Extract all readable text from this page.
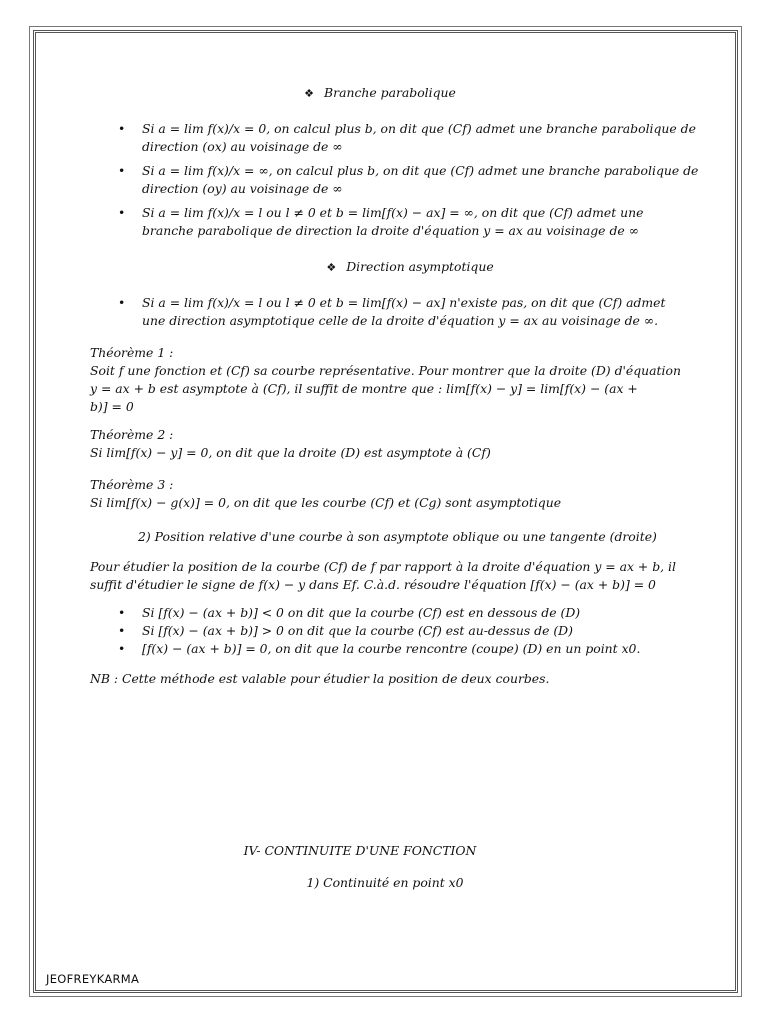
❖ Branche parabolique
• Si a = lim f(x)/x = 0, on calcul plus b, on dit que (Cf) admet une branche parabolique de
direction (ox) au voisinage de ∞
• Si a = lim f(x)/x = ∞, on calcul plus b, on dit que (Cf) admet une branche parabolique de
direction (oy) au voisinage de ∞
• Si a = lim f(x)/x = l ou l ≠ 0 et b = lim[f(x) − ax] = ∞, on dit que (Cf) admet une
branche parabolique de direction la droite d'équation y = ax au voisinage de ∞
❖ Direction asymptotique
• Si a = lim f(x)/x = l ou l ≠ 0 et b = lim[f(x) − ax] n'existe pas, on dit que (Cf) admet
une direction asymptotique celle de la droite d'équation y = ax au voisinage de ∞.
Théorème 1 :
Soit f une fonction et (Cf) sa courbe représentative. Pour montrer que la droite (D) d'équation
y = ax + b est asymptote à (Cf), il suffit de montre que : lim[f(x) − y] = lim[f(x) − (ax +
b)] = 0
Théorème 2 :
Si lim[f(x) − y] = 0, on dit que la droite (D) est asymptote à (Cf)
Théorème 3 :
Si lim[f(x) − g(x)] = 0, on dit que les courbe (Cf) et (Cg) sont asymptotique
2) Position relative d'une courbe à son asymptote oblique ou une tangente (droite)
Pour étudier la position de la courbe (Cf) de f par rapport à la droite d'équation y = ax + b, il
suffit d'étudier le signe de f(x) − y dans Ef. C.à.d. résoudre l'équation [f(x) − (ax + b)] = 0
• Si [f(x) − (ax + b)] < 0 on dit que la courbe (Cf) est en dessous de (D)
• Si [f(x) − (ax + b)] > 0 on dit que la courbe (Cf) est au-dessus de (D)
• [f(x) − (ax + b)] = 0, on dit que la courbe rencontre (coupe) (D) en un point x0.
NB : Cette méthode est valable pour étudier la position de deux courbes.
IV- CONTINUITE D'UNE FONCTION
1) Continuité en point x0
JEOFREYKARMA
